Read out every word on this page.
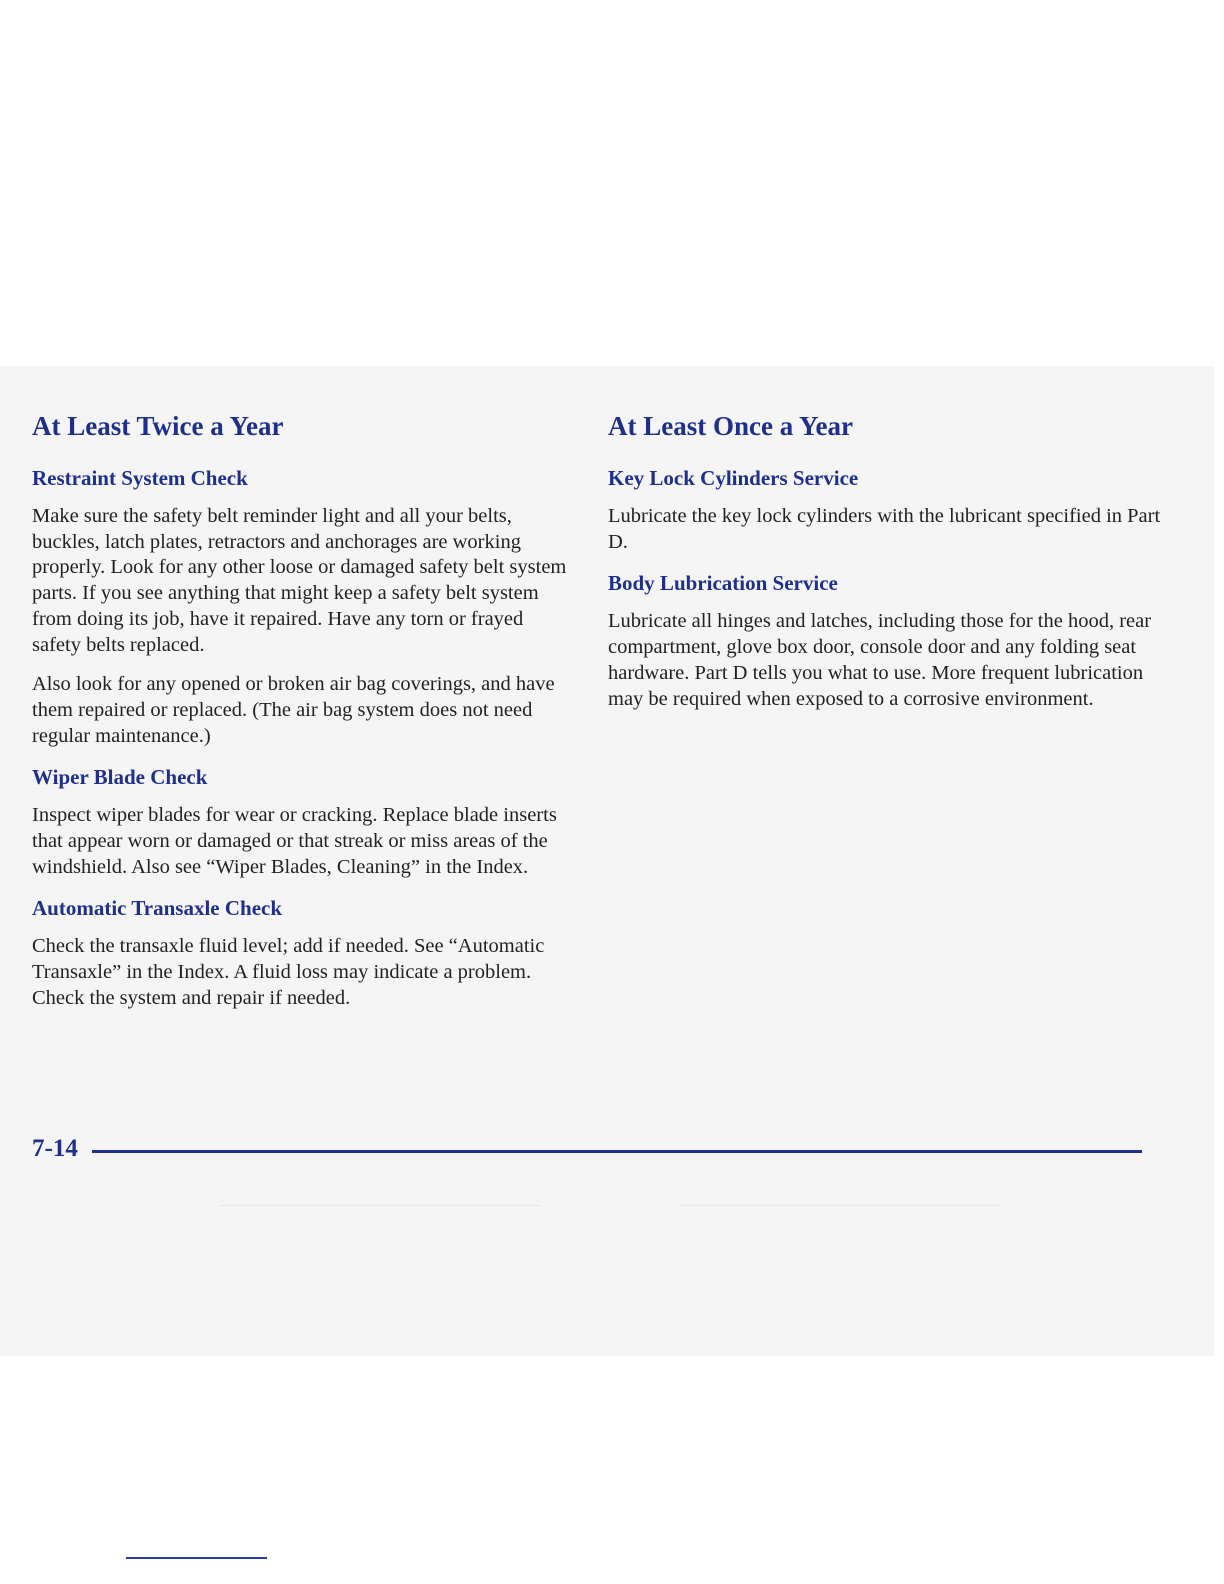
At Least Twice a Year
Restraint System Check

Make sure the safety belt reminder light and all your belts, buckles, latch plates, retractors and anchorages are working properly. Look for any other loose or damaged safety belt system parts. If you see anything that might keep a safety belt system from doing its job, have it repaired. Have any torn or frayed safety belts replaced.

Also look for any opened or broken air bag coverings, and have them repaired or replaced. (The air bag system does not need regular maintenance.)

Wiper Blade Check

Inspect wiper blades for wear or cracking. Replace blade inserts that appear worn or damaged or that streak or miss areas of the windshield. Also see “Wiper Blades, Cleaning” in the Index.

Automatic Transaxle Check

Check the transaxle fluid level; add if needed. See “Automatic Transaxle” in the Index. A fluid loss may indicate a problem. Check the system and repair if needed.

At Least Once a Year
Key Lock Cylinders Service

Lubricate the key lock cylinders with the lubricant specified in Part D.

Body Lubrication Service

Lubricate all hinges and latches, including those for the hood, rear compartment, glove box door, console door and any folding seat hardware. Part D tells you what to use. More frequent lubrication may be required when exposed to a corrosive environment.

7-14
